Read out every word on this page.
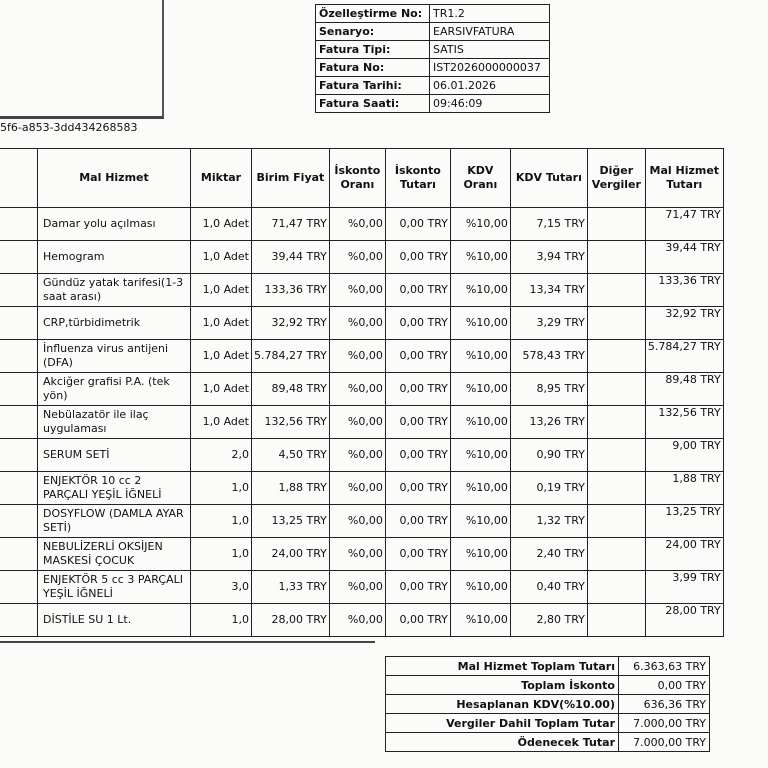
5f6-a853-3dd434268583
Özelleştirme No:	TR1.2
Senaryo:	EARSIVFATURA
Fatura Tipi:	SATIS
Fatura No:	IST2026000000037
Fatura Tarihi:	06.01.2026
Fatura Saati:	09:46:09
	Mal Hizmet	Miktar	Birim Fiyat	İskonto Oranı	İskonto Tutarı	KDV Oranı	KDV Tutarı	Diğer Vergiler	Mal Hizmet Tutarı
	Damar yolu açılması	1,0 Adet	71,47 TRY	%0,00	0,00 TRY	%10,00	7,15 TRY		71,47 TRY
	Hemogram	1,0 Adet	39,44 TRY	%0,00	0,00 TRY	%10,00	3,94 TRY		39,44 TRY
	Gündüz yatak tarifesi(1-3 saat arası)	1,0 Adet	133,36 TRY	%0,00	0,00 TRY	%10,00	13,34 TRY		133,36 TRY
	CRP,türbidimetrik	1,0 Adet	32,92 TRY	%0,00	0,00 TRY	%10,00	3,29 TRY		32,92 TRY
	İnfluenza virus antijeni (DFA)	1,0 Adet	5.784,27 TRY	%0,00	0,00 TRY	%10,00	578,43 TRY		5.784,27 TRY
	Akciğer grafisi P.A. (tek yön)	1,0 Adet	89,48 TRY	%0,00	0,00 TRY	%10,00	8,95 TRY		89,48 TRY
	Nebülazatör ile ilaç uygulaması	1,0 Adet	132,56 TRY	%0,00	0,00 TRY	%10,00	13,26 TRY		132,56 TRY
	SERUM SETİ	2,0	4,50 TRY	%0,00	0,00 TRY	%10,00	0,90 TRY		9,00 TRY
	ENJEKTÖR 10 cc 2 PARÇALI YEŞİL İĞNELİ	1,0	1,88 TRY	%0,00	0,00 TRY	%10,00	0,19 TRY		1,88 TRY
	DOSYFLOW (DAMLA AYAR SETİ)	1,0	13,25 TRY	%0,00	0,00 TRY	%10,00	1,32 TRY		13,25 TRY
	NEBULİZERLİ OKSİJEN MASKESİ ÇOCUK	1,0	24,00 TRY	%0,00	0,00 TRY	%10,00	2,40 TRY		24,00 TRY
	ENJEKTÖR 5 cc 3 PARÇALI YEŞİL İĞNELİ	3,0	1,33 TRY	%0,00	0,00 TRY	%10,00	0,40 TRY		3,99 TRY
	DİSTİLE SU 1 Lt.	1,0	28,00 TRY	%0,00	0,00 TRY	%10,00	2,80 TRY		28,00 TRY
Mal Hizmet Toplam Tutarı	6.363,63 TRY
Toplam İskonto	0,00 TRY
Hesaplanan KDV(%10.00)	636,36 TRY
Vergiler Dahil Toplam Tutar	7.000,00 TRY
Ödenecek Tutar	7.000,00 TRY
